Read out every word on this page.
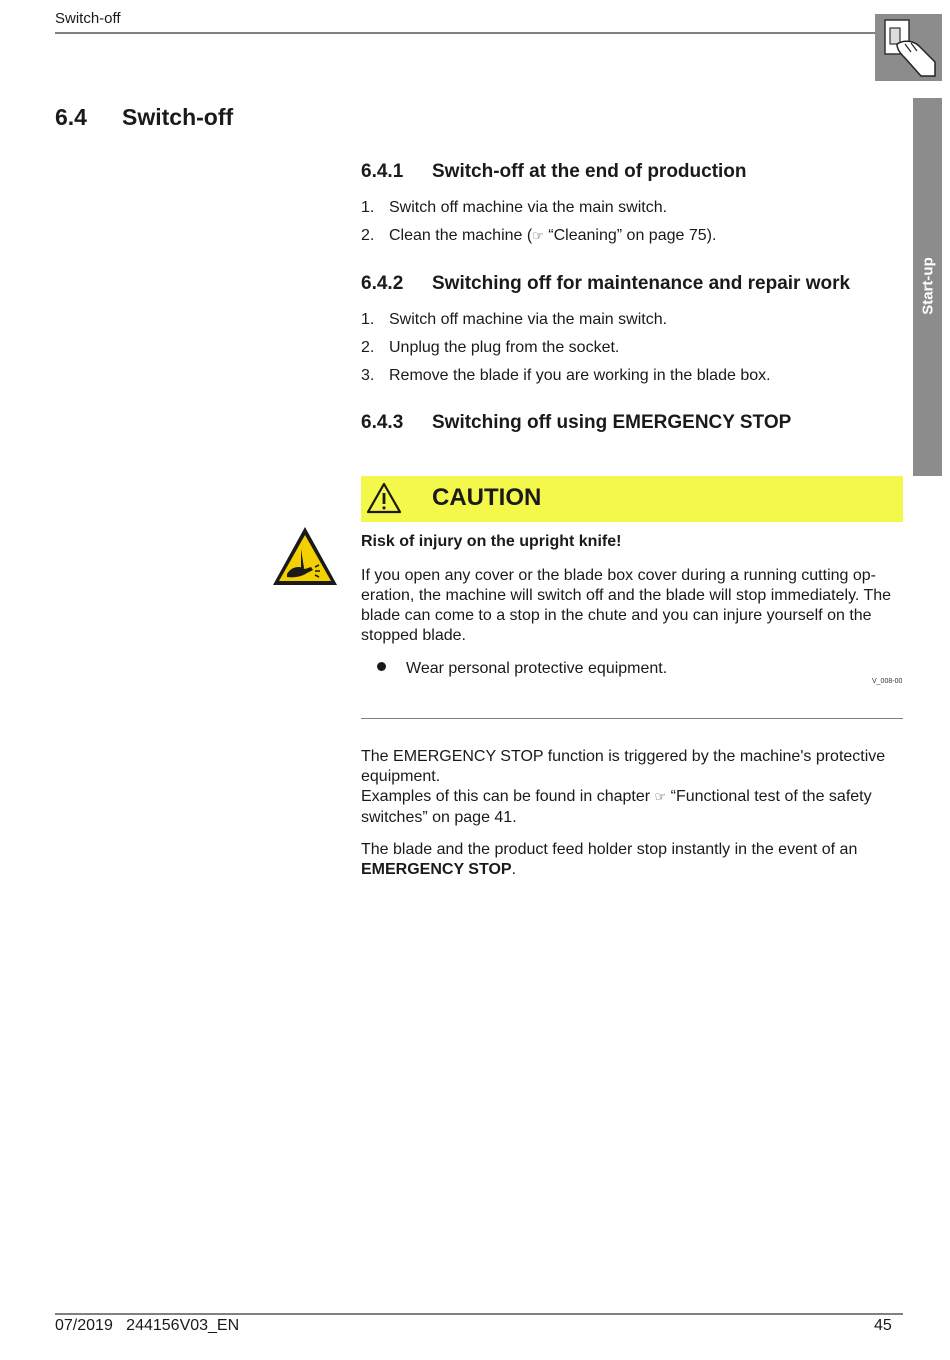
Switch-off
Start-up
6.4 Switch-off
6.4.1 Switch-off at the end of production
1. Switch off machine via the main switch.
2. Clean the machine (☞ “Cleaning” on page 75).
6.4.2 Switching off for maintenance and repair work
1. Switch off machine via the main switch.
2. Unplug the plug from the socket.
3. Remove the blade if you are working in the blade box.
6.4.3 Switching off using EMERGENCY STOP
CAUTION
Risk of injury on the upright knife!
If you open any cover or the blade box cover during a running cutting op-eration, the machine will switch off and the blade will stop immediately. The blade can come to a stop in the chute and you can injure yourself on the stopped blade.
Wear personal protective equipment.
V_008-00
The EMERGENCY STOP function is triggered by the machine's protective equipment.
Examples of this can be found in chapter ☞ “Functional test of the safety switches” on page 41.
The blade and the product feed holder stop instantly in the event of an EMERGENCY STOP.
07/2019   244156V03_EN	45
